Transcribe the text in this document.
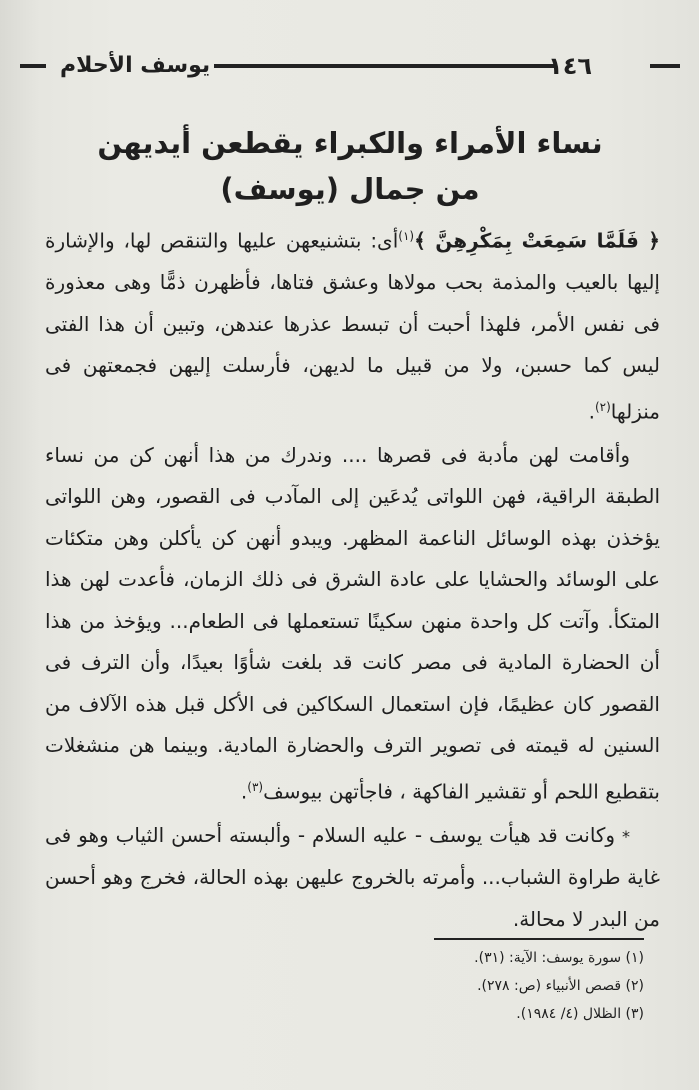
يوسف الأحلام	١٤٦
نساء الأمراء والكبراء يقطعن أيديهن
من جمال (يوسف)

﴿ فَلَمَّا سَمِعَتْ بِمَكْرِهِنَّ ﴾$^{(١)}$أى: بتشنيعهن عليها والتنقص لها، والإشارة إليها بالعيب والمذمة بحب مولاها وعشق فتاها، فأظهرن ذمًّا وهى معذورة فى نفس الأمر، فلهذا أحبت أن تبسط عذرها عندهن، وتبين أن هذا الفتى ليس كما حسبن، ولا من قبيل ما لديهن، فأرسلت إليهن فجمعتهن فى منزلها$^{(٢)}$.

وأقامت لهن مأدبة فى قصرها .... وندرك من هذا أنهن كن من نساء الطبقة الراقية، فهن اللواتى يُدعَين إلى المآدب فى القصور، وهن اللواتى يؤخذن بهذه الوسائل الناعمة المظهر. ويبدو أنهن كن يأكلن وهن متكئات على الوسائد والحشايا على عادة الشرق فى ذلك الزمان، فأعدت لهن هذا المتكأ. وآتت كل واحدة منهن سكينًا تستعملها فى الطعام... ويؤخذ من هذا أن الحضارة المادية فى مصر كانت قد بلغت شأوًا بعيدًا، وأن الترف فى القصور كان عظيمًا، فإن استعمال السكاكين فى الأكل قبل هذه الآلاف من السنين له قيمته فى تصوير الترف والحضارة المادية. وبينما هن منشغلات بتقطيع اللحم أو تقشير الفاكهة ، فاجأتهن بيوسف$^{(٣)}$.

* وكانت قد هيأت يوسف - عليه السلام - وألبسته أحسن الثياب وهو فى غاية طراوة الشباب... وأمرته بالخروج عليهن بهذه الحالة، فخرج وهو أحسن من البدر لا محالة.

(١) سورة يوسف: الآية: (٣١).
(٢) قصص الأنبياء (ص: ٢٧٨).
(٣) الظلال (٤/ ١٩٨٤).
